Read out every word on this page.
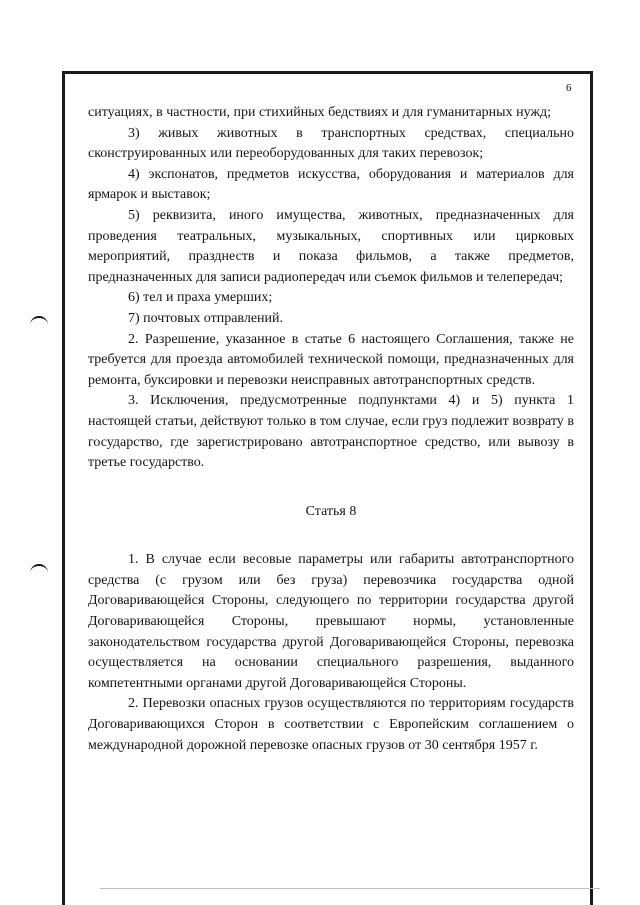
6

ситуациях, в частности, при стихийных бедствиях и для гуманитарных нужд;

3) живых животных в транспортных средствах, специально сконструированных или переоборудованных для таких перевозок;

4) экспонатов, предметов искусства, оборудования и материалов для ярмарок и выставок;

5) реквизита, иного имущества, животных, предназначенных для проведения театральных, музыкальных, спортивных или цирковых мероприятий, празднеств и показа фильмов, а также предметов, предназначенных для записи радиопередач или съемок фильмов и телепередач;

6) тел и праха умерших;

7) почтовых отправлений.

2. Разрешение, указанное в статье 6 настоящего Соглашения, также не требуется для проезда автомобилей технической помощи, предназначенных для ремонта, буксировки и перевозки неисправных автотранспортных средств.

3. Исключения, предусмотренные подпунктами 4) и 5) пункта 1 настоящей статьи, действуют только в том случае, если груз подлежит возврату в государство, где зарегистрировано автотранспортное средство, или вывозу в третье государство.

Статья 8

1. В случае если весовые параметры или габариты автотранспортного средства (с грузом или без груза) перевозчика государства одной Договаривающейся Стороны, следующего по территории государства другой Договаривающейся Стороны, превышают нормы, установленные законодательством государства другой Договаривающейся Стороны, перевозка осуществляется на основании специального разрешения, выданного компетентными органами другой Договаривающейся Стороны.

2. Перевозки опасных грузов осуществляются по территориям государств Договаривающихся Сторон в соответствии с Европейским соглашением о международной дорожной перевозке опасных грузов от 30 сентября 1957 г.
